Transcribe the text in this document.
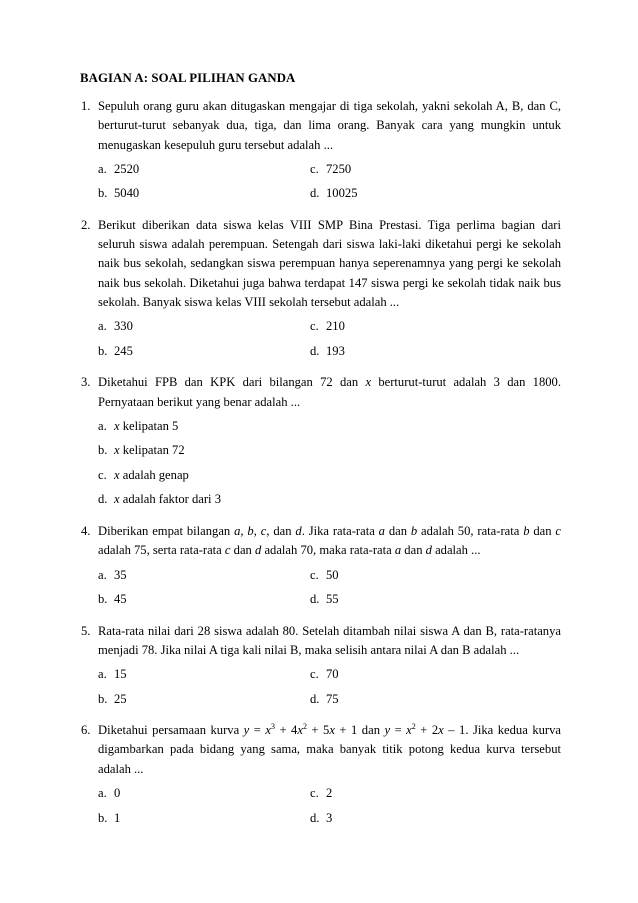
BAGIAN A: SOAL PILIHAN GANDA
1. Sepuluh orang guru akan ditugaskan mengajar di tiga sekolah, yakni sekolah A, B, dan C, berturut-turut sebanyak dua, tiga, dan lima orang. Banyak cara yang mungkin untuk menugaskan kesepuluh guru tersebut adalah ...
a. 2520	c. 7250
b. 5040	d. 10025
2. Berikut diberikan data siswa kelas VIII SMP Bina Prestasi. Tiga perlima bagian dari seluruh siswa adalah perempuan. Setengah dari siswa laki-laki diketahui pergi ke sekolah naik bus sekolah, sedangkan siswa perempuan hanya seperenamnya yang pergi ke sekolah naik bus sekolah. Diketahui juga bahwa terdapat 147 siswa pergi ke sekolah tidak naik bus sekolah. Banyak siswa kelas VIII sekolah tersebut adalah ...
a. 330	c. 210
b. 245	d. 193
3. Diketahui FPB dan KPK dari bilangan 72 dan x berturut-turut adalah 3 dan 1800. Pernyataan berikut yang benar adalah ...
a. x kelipatan 5
b. x kelipatan 72
c. x adalah genap
d. x adalah faktor dari 3
4. Diberikan empat bilangan a, b, c, dan d. Jika rata-rata a dan b adalah 50, rata-rata b dan c adalah 75, serta rata-rata c dan d adalah 70, maka rata-rata a dan d adalah ...
a. 35	c. 50
b. 45	d. 55
5. Rata-rata nilai dari 28 siswa adalah 80. Setelah ditambah nilai siswa A dan B, rata-ratanya menjadi 78. Jika nilai A tiga kali nilai B, maka selisih antara nilai A dan B adalah ...
a. 15	c. 70
b. 25	d. 75
6. Diketahui persamaan kurva $y = x^3 + 4x^2 + 5x + 1$ dan $y = x^2 + 2x - 1$. Jika kedua kurva digambarkan pada bidang yang sama, maka banyak titik potong kedua kurva tersebut adalah ...
a. 0	c. 2
b. 1	d. 3
